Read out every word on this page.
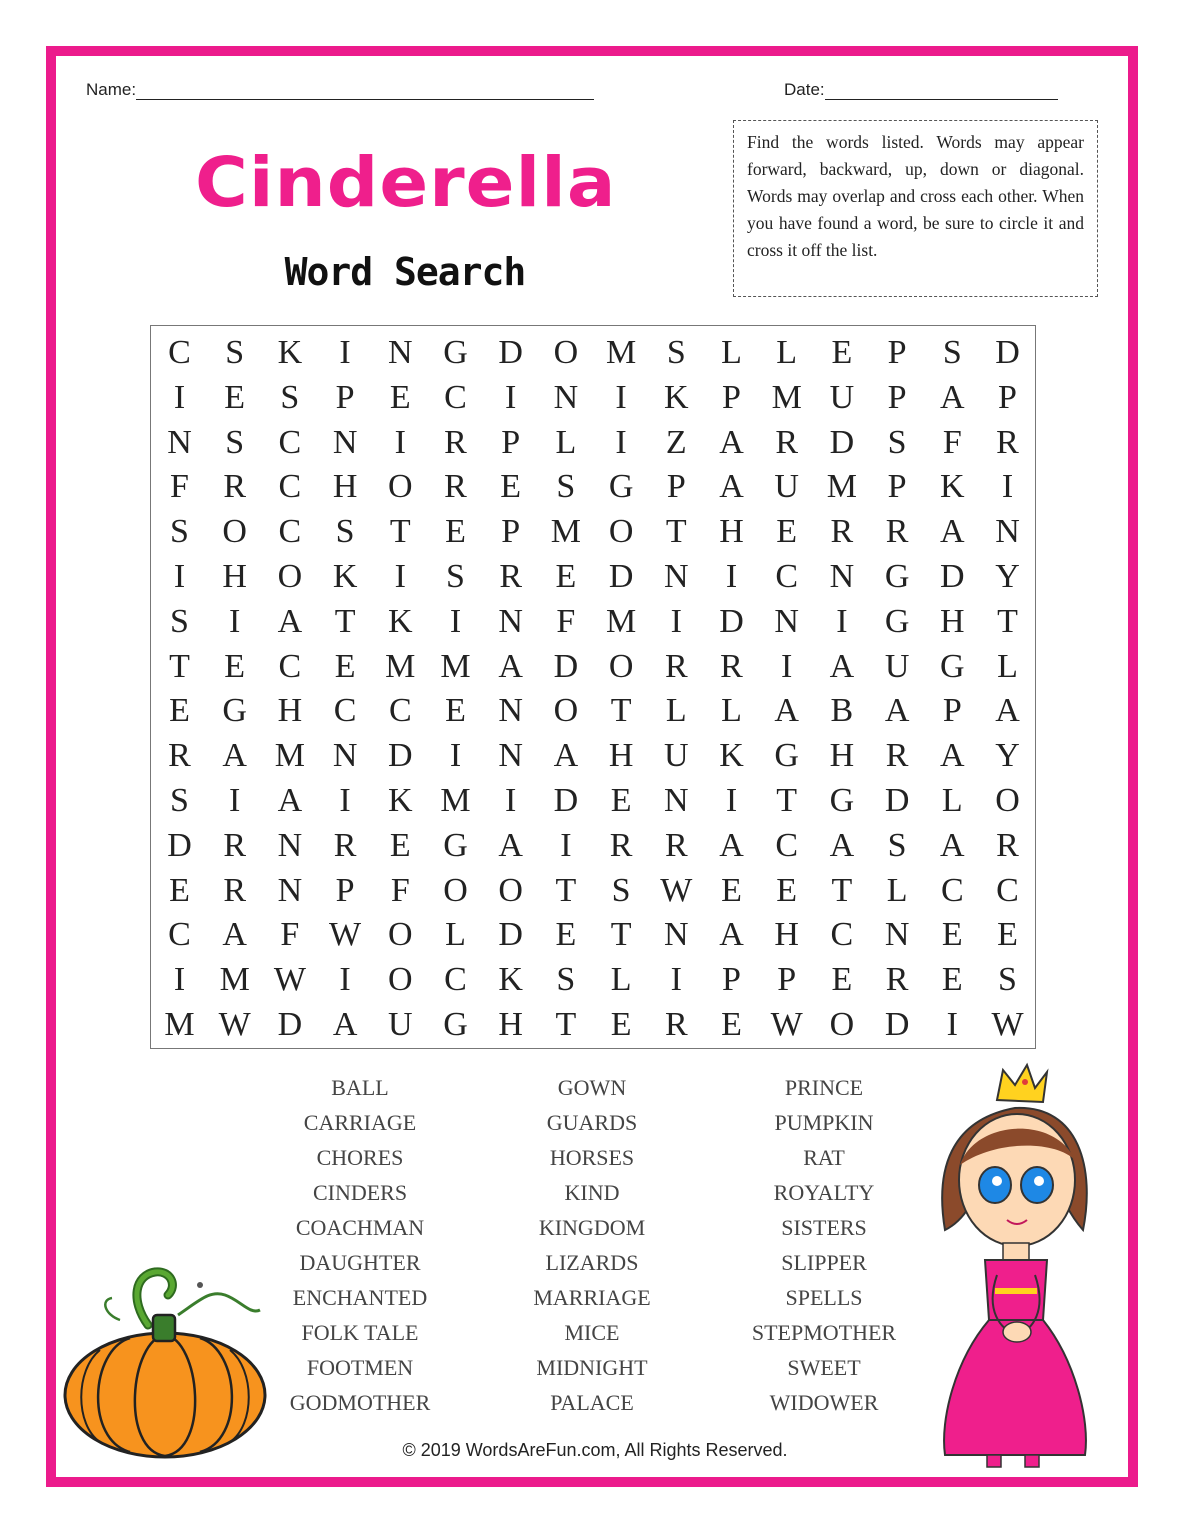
Name:	Date:
Cinderella
Word Search
Find the words listed. Words may appear forward, backward, up, down or diagonal. Words may overlap and cross each other. When you have found a word, be sure to circle it and cross it off the list.
C	S K	I	N G D O M S	L	L	E	P	S D
I	E	S	P	E C	I	N	I	K P M U P A P
N S	C N	I	R	P	L	I	Z A R D S	F	R
F	R C H O R E	S G P A U M P K	I
S O C	S	T	E	P M O T H E R R A N
I	H O K	I	S	R E D N	I	C N G D Y
S	I	A T K	I	N F M	I	D N	I	G H T
T	E C E M M A D O R R	I	A U G L
E G H C C E N O T	L	L A B A P A
R A M N D	I	N A H U K G H R A Y
S	I	A	I	K M	I	D E N	I	T G D L O
D R N R E G A	I	R R A C A S A R
E R N P	F O O T	S W E	E	T	L C C
C A F W O L D E	T N A H C N E	E
I	M W I	O C K S	L	I	P	P	E R E	S
M W D A U G H T	E R E W O D	I W
BALL
CARRIAGE
CHORES
CINDERS
COACHMAN
DAUGHTER
ENCHANTED
FOLK TALE
FOOTMEN
GODMOTHER
GOWN
GUARDS
HORSES
KIND
KINGDOM
LIZARDS
MARRIAGE
MICE
MIDNIGHT
PALACE
PRINCE
PUMPKIN
RAT
ROYALTY
SISTERS
SLIPPER
SPELLS
STEPMOTHER
SWEET
WIDOWER
© 2019 WordsAreFun.com, All Rights Reserved.
